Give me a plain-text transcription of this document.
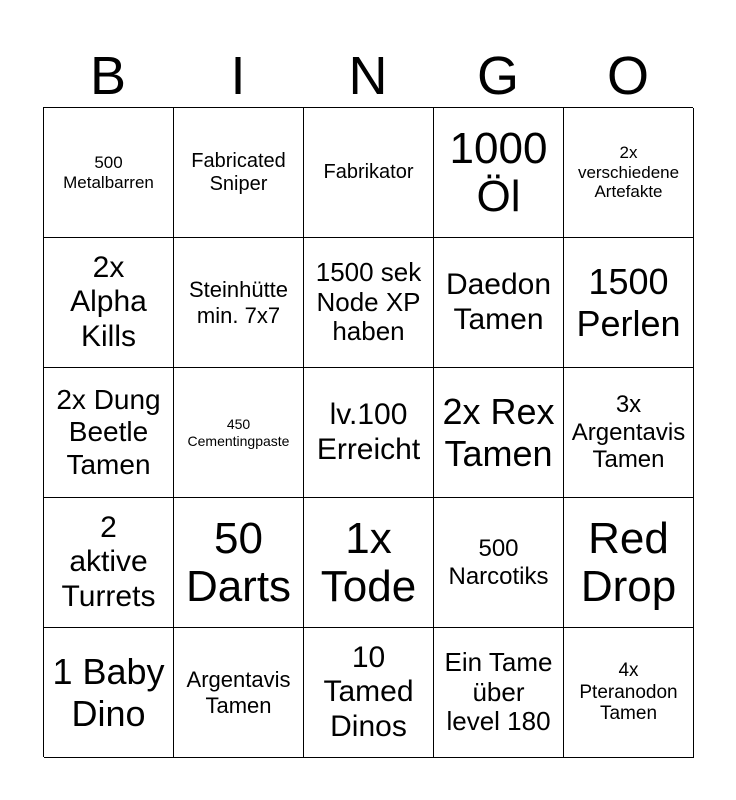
B	I	N	G	O
500
Metalbarren
Fabricated
Sniper
Fabrikator 1000
Öl
2x
verschiedene
Artefakte
2x
Alpha
Kills
Steinhütte
min. 7x7
1500 sek
Node XP
haben
Daedon
Tamen
1500
Perlen
2x Dung
Beetle
Tamen
450
Cementingpaste
lv.100
Erreicht
2x Rex
Tamen
3x
Argentavis
Tamen
2
aktive
Turrets
50
Darts
1x
Tode
500
Narcotiks
Red
Drop
1 Baby
Dino
Argentavis
Tamen
10
Tamed
Dinos
Ein Tame
über
level 180
4x
Pteranodon
Tamen
